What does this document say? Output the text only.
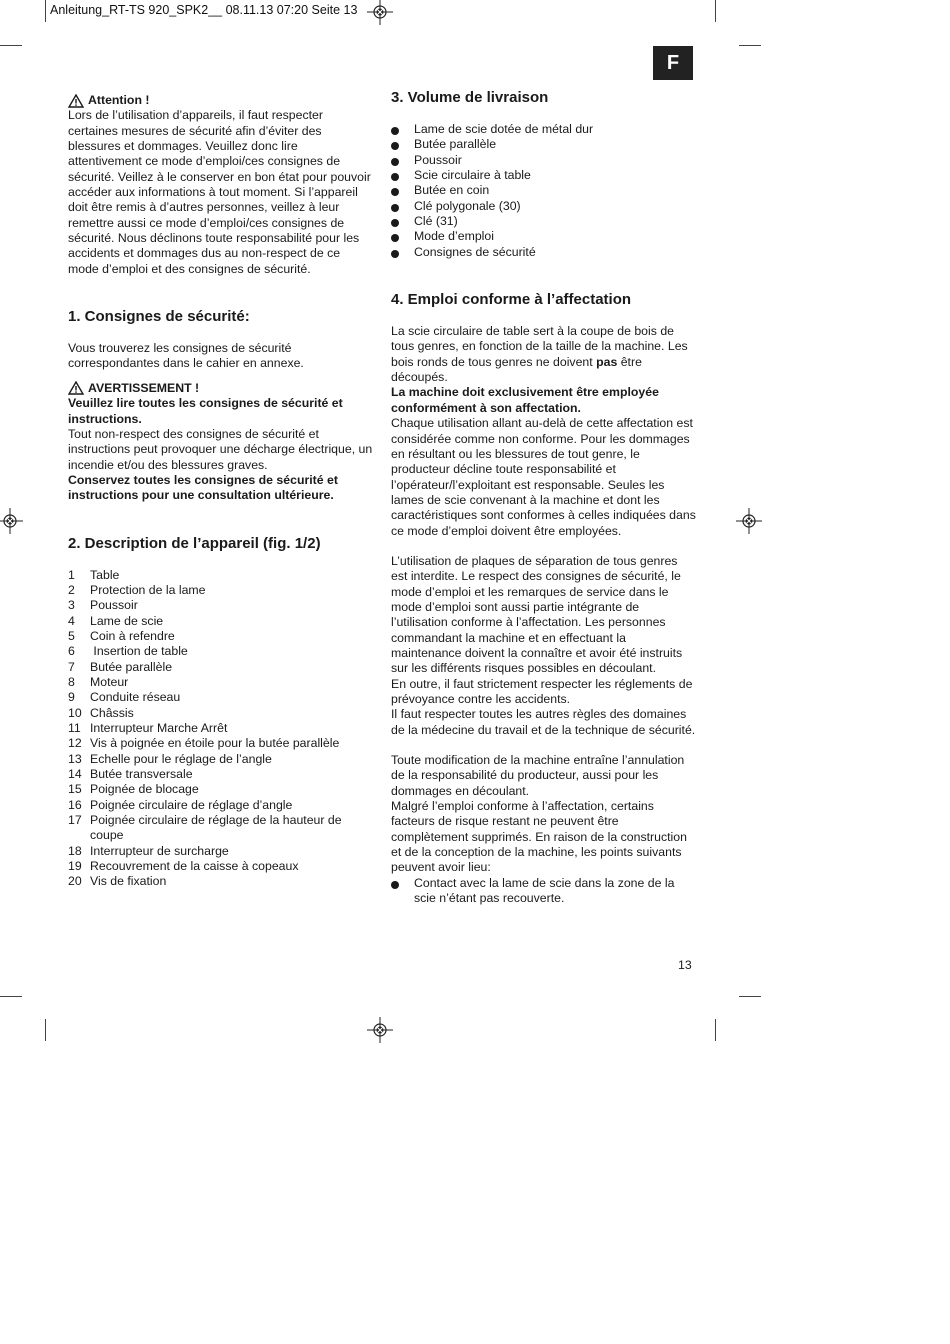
Anleitung_RT-TS 920_SPK2__ 08.11.13 07:20 Seite 13
F
Attention !

Lors de l’utilisation d’appareils, il faut respecter certaines mesures de sécurité afin d’éviter des blessures et dommages. Veuillez donc lire attentivement ce mode d’emploi/ces consignes de sécurité. Veillez à le conserver en bon état pour pouvoir accéder aux informations à tout moment. Si l’appareil doit être remis à d’autres personnes, veillez à leur remettre aussi ce mode d’emploi/ces consignes de sécurité. Nous déclinons toute responsabilité pour les accidents et dommages dus au non-respect de ce mode d’emploi et des consignes de sécurité.

1. Consignes de sécurité:

Vous trouverez les consignes de sécurité correspondantes dans le cahier en annexe.

AVERTISSEMENT !

Veuillez lire toutes les consignes de sécurité et instructions.

Tout non-respect des consignes de sécurité et instructions peut provoquer une décharge électrique, un incendie et/ou des blessures graves.

Conservez toutes les consignes de sécurité et instructions pour une consultation ultérieure.

2. Description de l’appareil (fig. 1/2)

1	Table
2	Protection de la lame
3	Poussoir
4	Lame de scie
5	Coin à refendre
6	Insertion de table
7	Butée parallèle
8	Moteur
9	Conduite réseau
10 Châssis
11 Interrupteur Marche Arrêt
12 Vis à poignée en étoile pour la butée parallèle
13 Echelle pour le réglage de l’angle
14 Butée transversale
15 Poignée de blocage
16 Poignée circulaire de réglage d’angle
17 Poignée circulaire de réglage de la hauteur de coupe
18 Interrupteur de surcharge
19 Recouvrement de la caisse à copeaux
20 Vis de fixation

3. Volume de livraison

Lame de scie dotée de métal dur
Butée parallèle
Poussoir
Scie circulaire à table
Butée en coin
Clé polygonale (30)
Clé (31)
Mode d’emploi
Consignes de sécurité

4. Emploi conforme à l’affectation

La scie circulaire de table sert à la coupe de bois de tous genres, en fonction de la taille de la machine. Les bois ronds de tous genres ne doivent pas être découpés.

La machine doit exclusivement être employée conformément à son affectation.

Chaque utilisation allant au-delà de cette affectation est considérée comme non conforme. Pour les dommages en résultant ou les blessures de tout genre, le producteur décline toute responsabilité et l’opérateur/l’exploitant est responsable. Seules les lames de scie convenant à la machine et dont les caractéristiques sont conformes à celles indiquées dans ce mode d’emploi doivent être employées.

L’utilisation de plaques de séparation de tous genres est interdite. Le respect des consignes de sécurité, le mode d’emploi et les remarques de service dans le mode d’emploi sont aussi partie intégrante de l’utilisation conforme à l’affectation. Les personnes commandant la machine et en effectuant la maintenance doivent la connaître et avoir été instruits sur les différents risques possibles en découlant.

En outre, il faut strictement respecter les réglements de prévoyance contre les accidents.

Il faut respecter toutes les autres règles des domaines de la médecine du travail et de la technique de sécurité.

Toute modification de la machine entraîne l’annulation de la responsabilité du producteur, aussi pour les dommages en découlant.

Malgré l’emploi conforme à l’affectation, certains facteurs de risque restant ne peuvent être complètement supprimés. En raison de la construction et de la conception de la machine, les points suivants peuvent avoir lieu:

Contact avec la lame de scie dans la zone de la scie n’étant pas recouverte.
13
